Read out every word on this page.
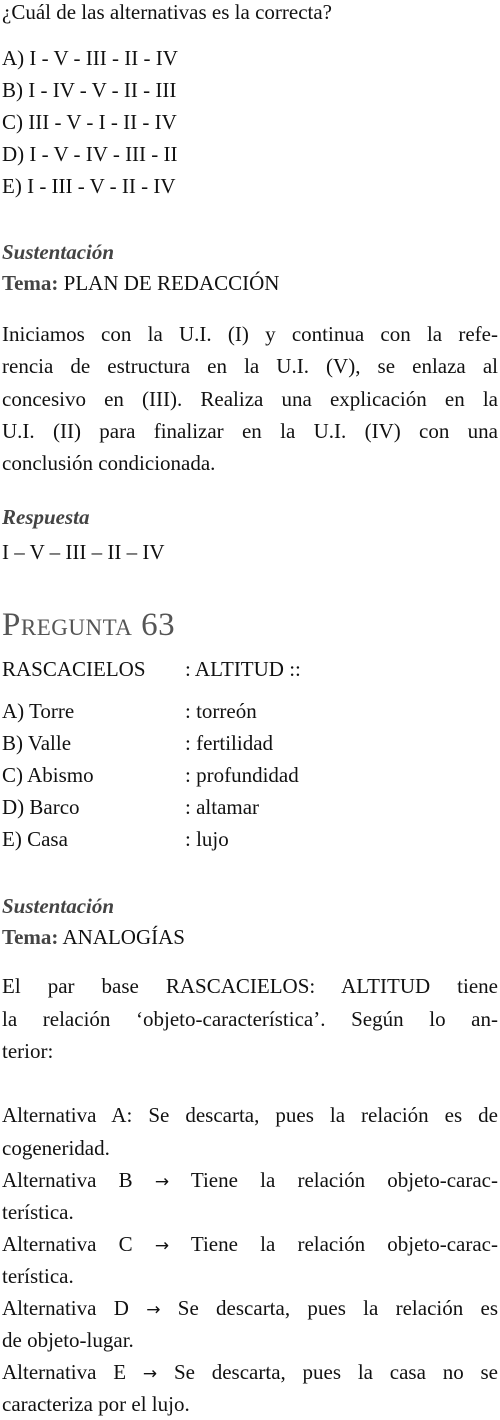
¿Cuál de las alternativas es la correcta?
A) I - V - III - II - IV
B) I - IV - V - II - III
C) III - V - I - II - IV
D) I - V - IV - III - II
E) I - III - V - II - IV
Sustentación
Tema: PLAN DE REDACCIÓN
Iniciamos con la U.I. (I) y continua con la refe-
rencia de estructura en la U.I. (V), se enlaza al
concesivo en (III). Realiza una explicación en la
U.I. (II) para finalizar en la U.I. (IV) con una
conclusión condicionada.
Respuesta
I – V – III – II – IV
Pregunta 63
RASCACIELOS : ALTITUD ::
A) Torre	: torreón
B) Valle	: fertilidad
C) Abismo	: profundidad
D) Barco	: altamar
E) Casa	: lujo
Sustentación
Tema: ANALOGÍAS
El par base RASCACIELOS: ALTITUD tiene
la relación ‘objeto-característica’. Según lo an-
terior:
Alternativa A: Se descarta, pues la relación es de
cogeneridad.
Alternativa B → Tiene la relación objeto-carac-
terística.
Alternativa C → Tiene la relación objeto-carac-
terística.
Alternativa D → Se descarta, pues la relación es
de objeto-lugar.
Alternativa E → Se descarta, pues la casa no se
caracteriza por el lujo.
